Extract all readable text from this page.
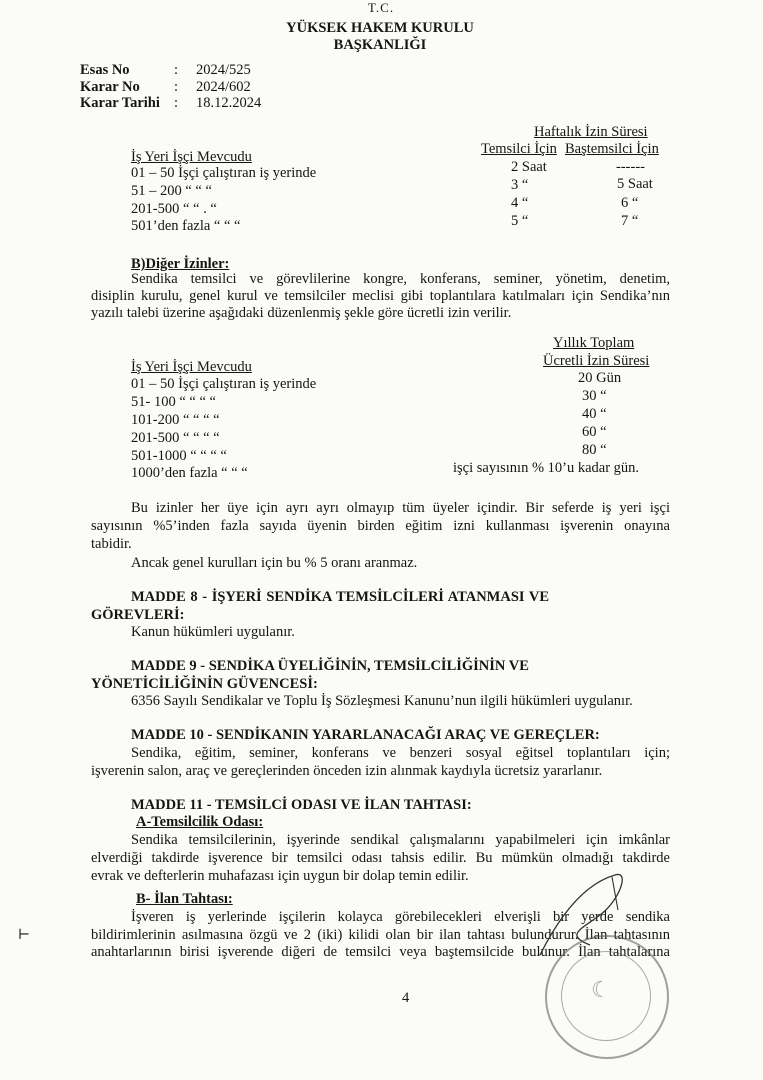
T.C.
YÜKSEK HAKEM KURULU
BAŞKANLIĞI
Esas No	: 2024/525
Karar No : 2024/602
Karar Tarihi : 18.12.2024
Haftalık İzin Süresi
Temsilci İçin Baştemsilci İçin
İş Yeri İşçi Mevcudu
01 – 50 İşçi çalıştıran iş yerinde	2 Saat	------
51 – 200 “ “ “	3 “	5 Saat
201-500 “ “ . “	4 “	6 “
501’den fazla “ “ “	5 “	7 “
B)Diğer İzinler:
Sendika temsilci ve görevlilerine kongre, konferans, seminer, yönetim, denetim,
disiplin kurulu, genel kurul ve temsilciler meclisi gibi toplantılara katılmaları için Sendika’nın
yazılı talebi üzerine aşağıdaki düzenlenmiş şekle göre ücretli izin verilir.
Yıllık Toplam
Ücretli İzin Süresi
İş Yeri İşçi Mevcudu
01 – 50 İşçi çalıştıran iş yerinde	20 Gün
51- 100 “ “ “ “	30 “
101-200 “ “ “ “	40 “
201-500 “ “ “ “	60 “
501-1000 “ “ “ “	80 “
1000’den fazla “ “ “	işçi sayısının % 10’u kadar gün.
Bu izinler her üye için ayrı ayrı olmayıp tüm üyeler içindir. Bir seferde iş yeri işçi
sayısının %5’inden fazla sayıda üyenin birden eğitim izni kullanması işverenin onayına
tabidir.
Ancak genel kurulları için bu % 5 oranı aranmaz.
MADDE 8 - İŞYERİ SENDİKA TEMSİLCİLERİ ATANMASI VE
GÖREVLERİ:
Kanun hükümleri uygulanır.
MADDE 9 - SENDİKA ÜYELİĞİNİN, TEMSİLCİLİĞİNİN VE
YÖNETİCİLİĞİNİN GÜVENCESİ:
6356 Sayılı Sendikalar ve Toplu İş Sözleşmesi Kanunu’nun ilgili hükümleri uygulanır.
MADDE 10 - SENDİKANIN YARARLANACAĞI ARAÇ VE GEREÇLER:
Sendika, eğitim, seminer, konferans ve benzeri sosyal eğitsel toplantıları için;
işverenin salon, araç ve gereçlerinden önceden izin alınmak kaydıyla ücretsiz yararlanır.
MADDE 11 - TEMSİLCİ ODASI VE İLAN TAHTASI:
A-Temsilcilik Odası:
Sendika temsilcilerinin, işyerinde sendikal çalışmalarını yapabilmeleri için imkânlar
elverdiği takdirde işverence bir temsilci odası tahsis edilir. Bu mümkün olmadığı takdirde
evrak ve defterlerin muhafazası için uygun bir dolap temin edilir.
B- İlan Tahtası:
İşveren iş yerlerinde işçilerin kolayca görebilecekleri elverişli bir yerde sendika
bildirimlerinin asılmasına özgü ve 2 (iki) kilidi olan bir ilan tahtası bulundurur. İlan tahtasının
anahtarlarının birisi işverende diğeri de temsilci veya baştemsilcide bulunur. İlan tahtalarına
⊢
4	☾
